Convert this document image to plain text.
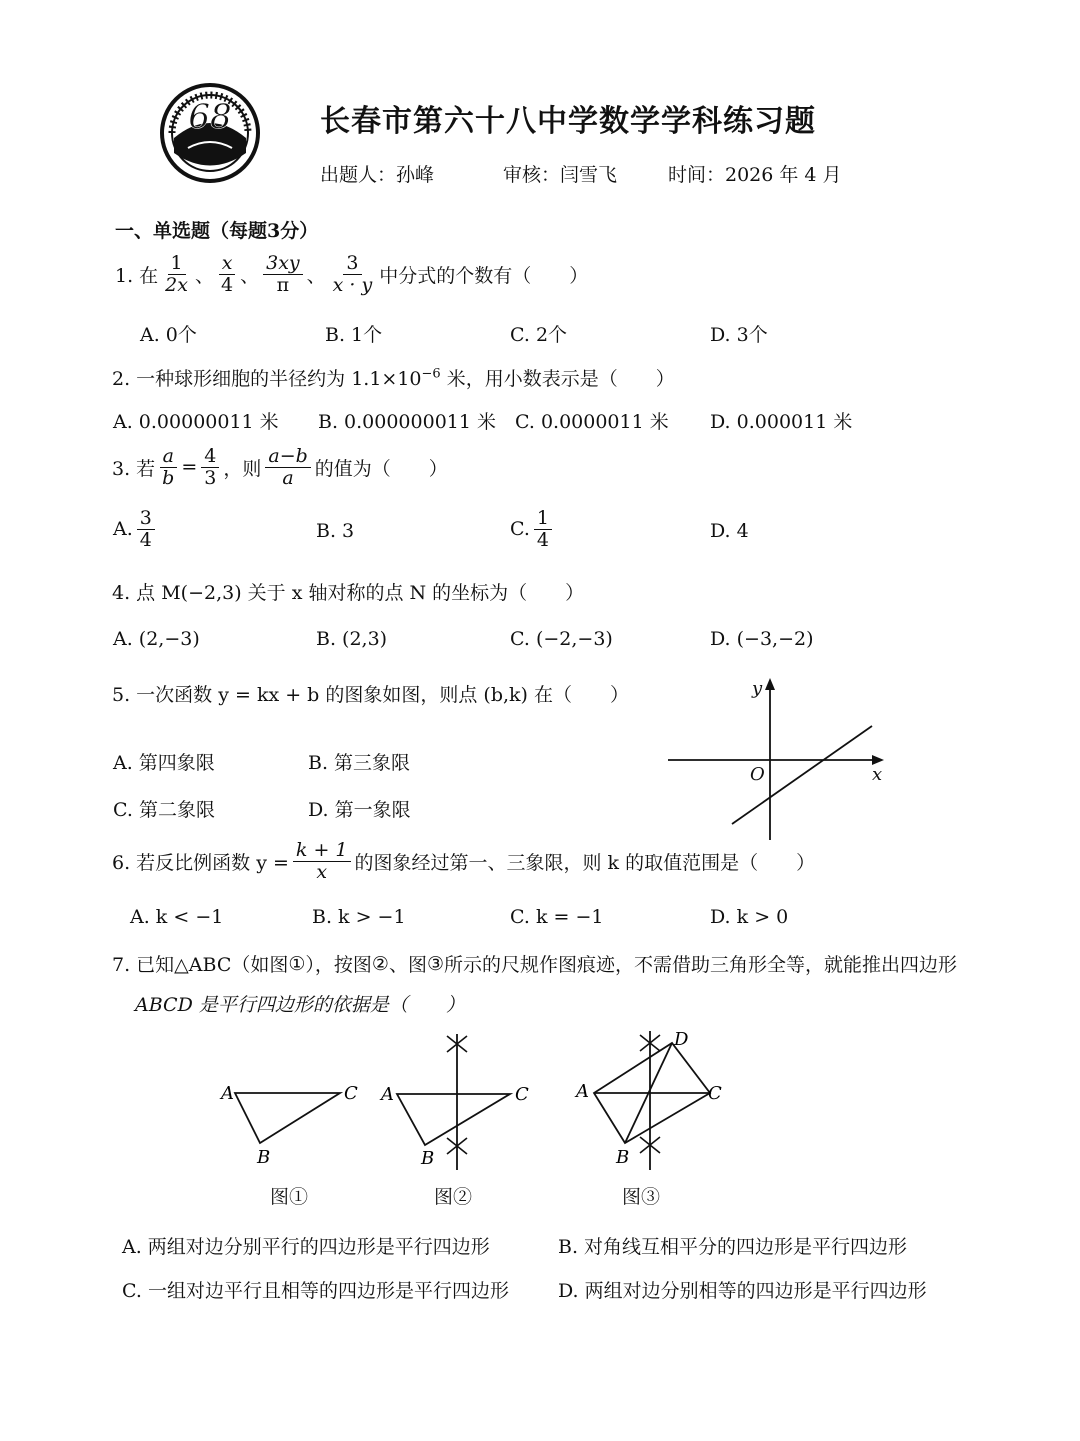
68	长春市第六十八中学数学学科练习题
出题人：孙峰	审核：闫雪飞	时间：2026 年 4 月
一、单选题（每题3分）
1. 在 $\frac{1}{2x}$ 、 $\frac{x}{4}$ 、 $\frac{3xy}{\pi}$ 、 $\frac{3}{x \cdot y}$ 中分式的个数有（　　）
A. 0个	B. 1个	C. 2个	D. 3个
2. 一种球形细胞的半径约为 $1.1\times 10^{-6}$ 米，用小数表示是（　　）
A. 0.00000011 米 B. 0.000000011 米 C. 0.0000011 米 D. 0.000011 米
3. 若 $\frac{a}{b} = \frac{4}{3}$ ，则 $\frac{a-b}{a}$ 的值为（　　）
A. $\frac{3}{4}$	B. 3	C. $\frac{1}{4}$	D. 4
4. 点 M(−2,3) 关于 x 轴对称的点 N 的坐标为（　　）
A. (2,−3)	B. (2,3)	C. (−2,−3)	D. (−3,−2)
5. 一次函数 y = kx + b 的图象如图，则点 (b,k) 在（　　）
A. 第四象限	B. 第三象限
C. 第二象限	D. 第一象限
y
x
O
6. 若反比例函数 $y = \frac{k + 1}{x}$ 的图象经过第一、三象限，则 k 的取值范围是（　　）
A. k < −1	B. k > −1	C. k = −1	D. k > 0
7. 已知△ABC（如图 ① ），按图 ② 、图 ③ 所示的尺规作图痕迹，不需借助三角形全等，就能推出四边形
ABCD 是平行四边形的依据是（　　）
A	C
B
图①
A	C
B
图②
A
D
C
B
图③
A. 两组对边分别平行的四边形是平行四边形	B. 对角线互相平分的四边形是平行四边形
C. 一组对边平行且相等的四边形是平行四边形	D. 两组对边分别相等的四边形是平行四边形
